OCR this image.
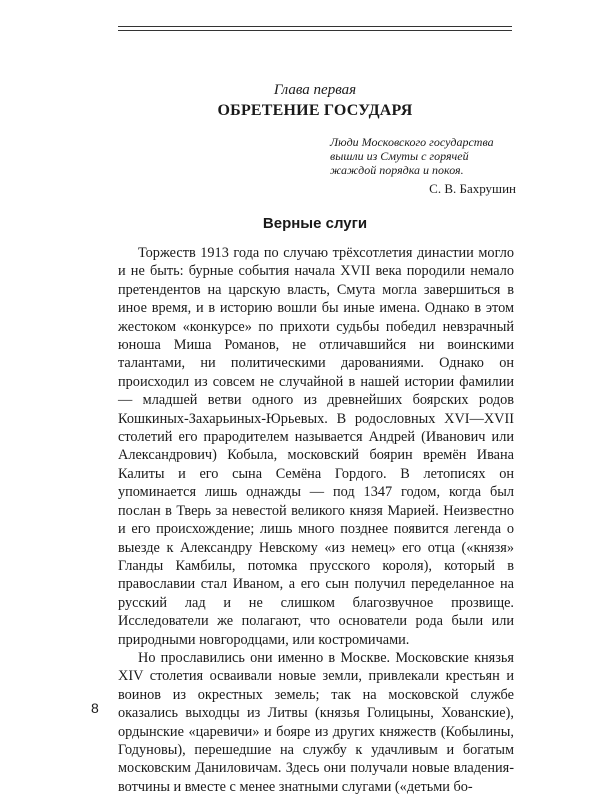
Глава первая
ОБРЕТЕНИЕ ГОСУДАРЯ
Люди Московского государства вышли из Смуты с горячей жаждой порядка и покоя.
С. В. Бахрушин
Верные слуги

Торжеств 1913 года по случаю трёхсотлетия династии могло и не быть: бурные события начала XVII века породили немало претендентов на царскую власть, Смута могла завершиться в иное время, и в историю вошли бы иные имена. Однако в этом жестоком «конкурсе» по прихоти судьбы победил невзрачный юноша Миша Романов, не отличавшийся ни воинскими талантами, ни политическими дарованиями. Однако он происходил из совсем не случайной в нашей истории фамилии — младшей ветви одного из древнейших боярских родов Кошкиных-Захарьиных-Юрьевых. В родословных XVI—XVII столетий его прародителем называется Андрей (Иванович или Александрович) Кобыла, московский боярин времён Ивана Калиты и его сына Семёна Гордого. В летописях он упоминается лишь однажды — под 1347 годом, когда был послан в Тверь за невестой великого князя Марией. Неизвестно и его происхождение; лишь много позднее появится легенда о выезде к Александру Невскому «из немец» его отца («князя» Гланды Камбилы, потомка прусского короля), который в православии стал Иваном, а его сын получил переделанное на русский лад и не слишком благозвучное прозвище. Исследователи же полагают, что основатели рода были или природными новгородцами, или костромичами.

Но прославились они именно в Москве. Московские князья XIV столетия осваивали новые земли, привлекали крестьян и воинов из окрестных земель; так на московской службе оказались выходцы из Литвы (князья Голицыны, Хованские), ордынские «царевичи» и бояре из других княжеств (Кобылины, Годуновы), перешедшие на службу к удачливым и богатым московским Даниловичам. Здесь они получали новые владения-вотчины и вместе с менее знатными слугами («детьми бо-

8
